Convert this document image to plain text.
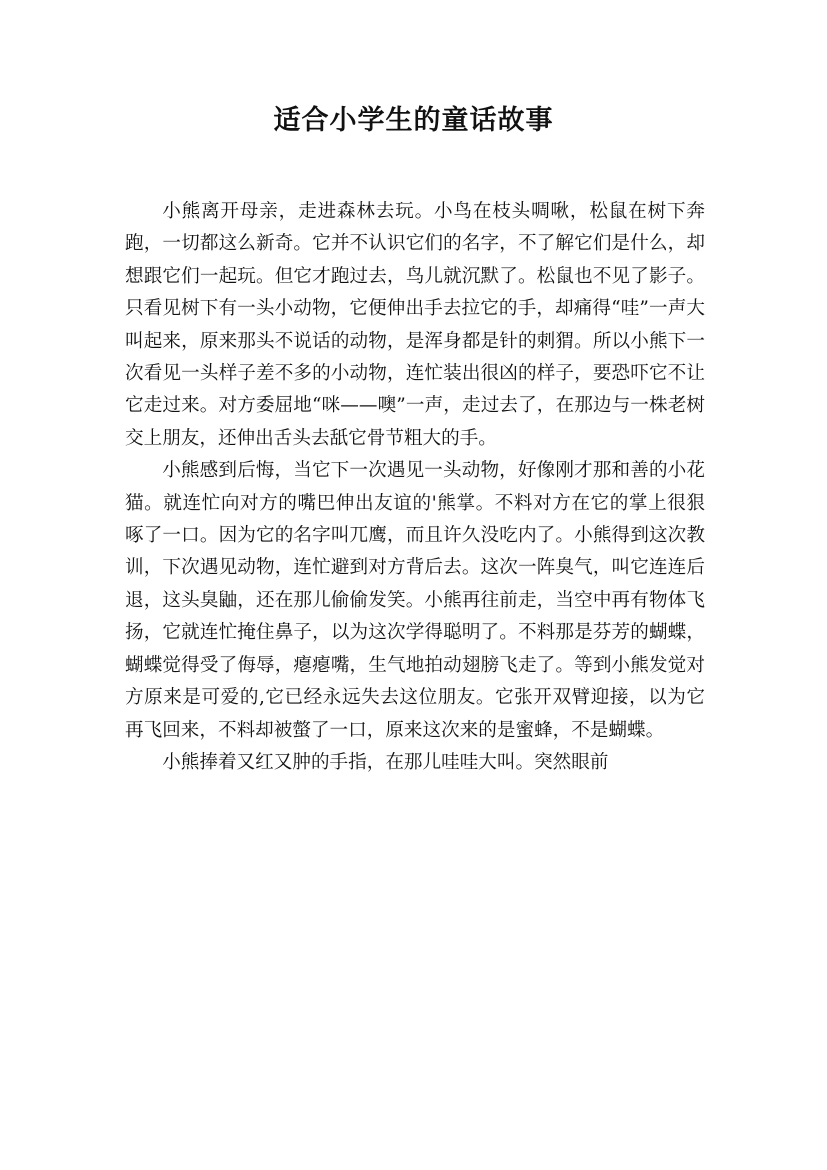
适合小学生的童话故事

小熊离开母亲，走进森林去玩。小鸟在枝头啁啾，松鼠在树下奔跑，一切都这么新奇。它并不认识它们的名字，不了解它们是什么，却想跟它们一起玩。但它才跑过去，鸟儿就沉默了。松鼠也不见了影子。只看见树下有一头小动物，它便伸出手去拉它的手，却痛得“哇”一声大叫起来，原来那头不说话的动物，是浑身都是针的刺猬。所以小熊下一次看见一头样子差不多的小动物，连忙装出很凶的样子，要恐吓它不让它走过来。对方委屈地“咪——噢”一声，走过去了，在那边与一株老树交上朋友，还伸出舌头去舐它骨节粗大的手。

小熊感到后悔，当它下一次遇见一头动物，好像刚才那和善的小花猫。就连忙向对方的嘴巴伸出友谊的'熊掌。不料对方在它的掌上很狠啄了一口。因为它的名字叫兀鹰，而且许久没吃内了。小熊得到这次教训，下次遇见动物，连忙避到对方背后去。这次一阵臭气，叫它连连后退，这头臭鼬，还在那儿偷偷发笑。小熊再往前走，当空中再有物体飞扬，它就连忙掩住鼻子，以为这次学得聪明了。不料那是芬芳的蝴蝶，蝴蝶觉得受了侮辱，瘪瘪嘴，生气地拍动翅膀飞走了。等到小熊发觉对方原来是可爱的,它已经永远失去这位朋友。它张开双臂迎接，以为它再飞回来，不料却被螫了一口，原来这次来的是蜜蜂，不是蝴蝶。

小熊捧着又红又肿的手指，在那儿哇哇大叫。突然眼前
